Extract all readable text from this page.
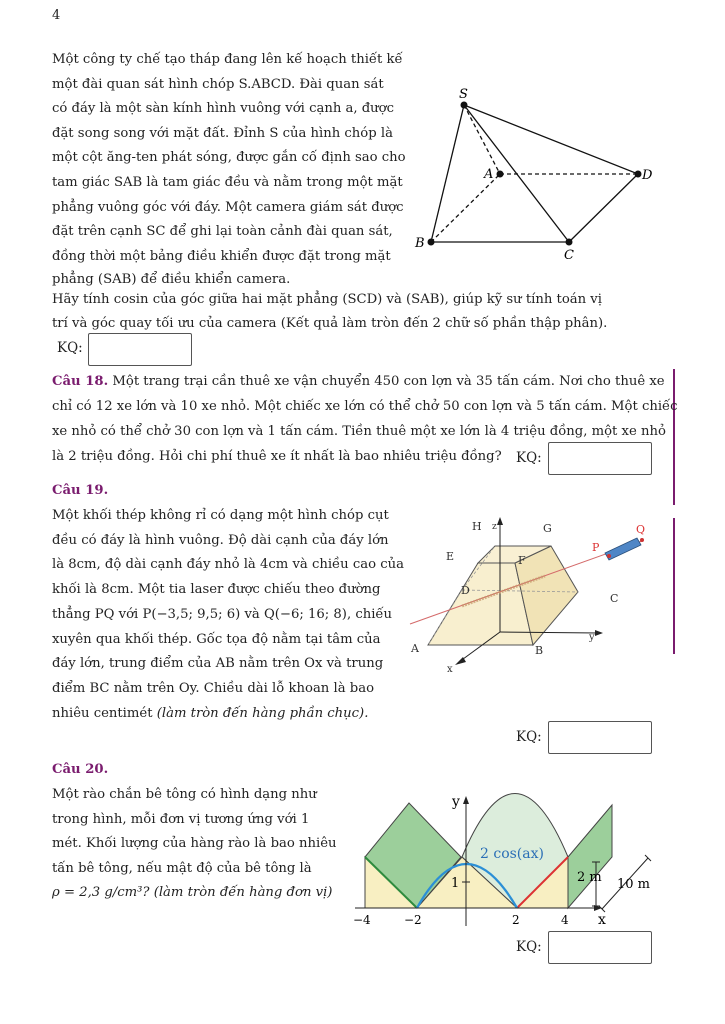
4

Một công ty chế tạo tháp đang lên kế hoạch thiết kế

một đài quan sát hình chóp S.ABCD. Đài quan sát

có đáy là một sàn kính hình vuông với cạnh a, được

đặt song song với mặt đất. Đỉnh S của hình chóp là

một cột ăng-ten phát sóng, được gắn cố định sao cho

tam giác SAB là tam giác đều và nằm trong một mặt

phẳng vuông góc với đáy. Một camera giám sát được

đặt trên cạnh SC để ghi lại toàn cảnh đài quan sát,

đồng thời một bảng điều khiển được đặt trong mặt

phẳng (SAB) để điều khiển camera.

Hãy tính cosin của góc giữa hai mặt phẳng (SCD) và (SAB), giúp kỹ sư tính toán vị

trí và góc quay tối ưu của camera (Kết quả làm tròn đến 2 chữ số phần thập phân).

KQ:
S
A	D
B
C

Câu 18. Một trang trại cần thuê xe vận chuyển 450 con lợn và 35 tấn cám. Nơi cho thuê xe

chỉ có 12 xe lớn và 10 xe nhỏ. Một chiếc xe lớn có thể chở 50 con lợn và 5 tấn cám. Một chiếc

xe nhỏ có thể chở 30 con lợn và 1 tấn cám. Tiền thuê một xe lớn là 4 triệu đồng, một xe nhỏ

là 2 triệu đồng. Hỏi chi phí thuê xe ít nhất là bao nhiêu triệu đồng? KQ:

Câu 19.

Một khối thép không rỉ có dạng một hình chóp cụt

đều có đáy là hình vuông. Độ dài cạnh của đáy lớn

là 8cm, độ dài cạnh đáy nhỏ là 4cm và chiều cao của

khối là 8cm. Một tia laser được chiếu theo đường

thẳng PQ với P(−3,5; 9,5; 6) và Q(−6; 16; 8), chiếu

xuyên qua khối thép. Gốc tọa độ nằm tại tâm của

đáy lớn, trung điểm của AB nằm trên Ox và trung

điểm BC nằm trên Oy. Chiều dài lỗ khoan là bao

nhiêu centimét (làm tròn đến hàng phần chục).

KQ:
z
H	G
E	F
D
C
A	B
P
Q
y
x

Câu 20.

Một rào chắn bê tông có hình dạng như

trong hình, mỗi đơn vị tương ứng với 1

mét. Khối lượng của hàng rào là bao nhiêu

tấn bê tông, nếu mật độ của bê tông là

ρ = 2,3 g/cm³? (làm tròn đến hàng đơn vị)

KQ:
y
x
2 cos(ax)
1	2 m 10 m
−4	−2	2	4
